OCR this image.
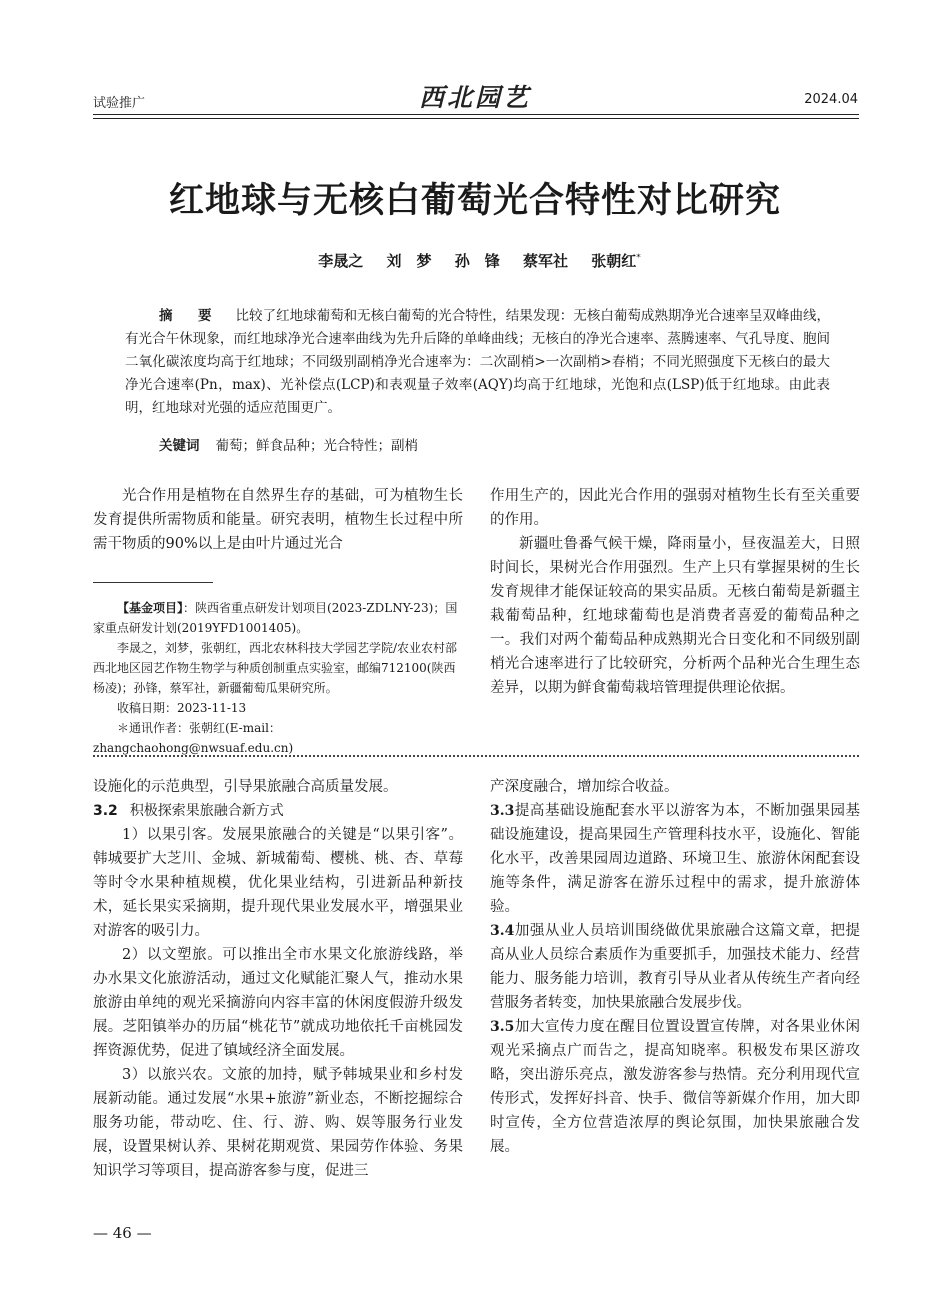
试验推广	西北园艺	2024.04
红地球与无核白葡萄光合特性对比研究
李晟之 刘　梦 孙　锋 蔡军社 张朝红*
摘　要 比较了红地球葡萄和无核白葡萄的光合特性，结果发现：无核白葡萄成熟期净光合速率呈双峰曲线，有光合午休现象，而红地球净光合速率曲线为先升后降的单峰曲线；无核白的净光合速率、蒸腾速率、气孔导度、胞间二氧化碳浓度均高于红地球；不同级别副梢净光合速率为：二次副梢>一次副梢>春梢；不同光照强度下无核白的最大净光合速率(Pn，max)、光补偿点(LCP)和表观量子效率(AQY)均高于红地球，光饱和点(LSP)低于红地球。由此表明，红地球对光强的适应范围更广。
关键词 葡萄；鲜食品种；光合特性；副梢

光合作用是植物在自然界生存的基础，可为植物生长发育提供所需物质和能量。研究表明，植物生长过程中所需干物质的90%以上是由叶片通过光合

【基金项目】：陕西省重点研发计划项目(2023-ZDLNY-23)；国家重点研发计划(2019YFD1001405)。

李晟之，刘梦，张朝红，西北农林科技大学园艺学院/农业农村部西北地区园艺作物生物学与种质创制重点实验室，邮编712100(陕西杨凌)；孙锋，蔡军社，新疆葡萄瓜果研究所。

收稿日期：2023-11-13

＊通讯作者：张朝红(E-mail：zhangchaohong@nwsuaf.edu.cn)

作用生产的，因此光合作用的强弱对植物生长有至关重要的作用。

新疆吐鲁番气候干燥，降雨量小，昼夜温差大，日照时间长，果树光合作用强烈。生产上只有掌握果树的生长发育规律才能保证较高的果实品质。无核白葡萄是新疆主栽葡萄品种，红地球葡萄也是消费者喜爱的葡萄品种之一。我们对两个葡萄品种成熟期光合日变化和不同级别副梢光合速率进行了比较研究，分析两个品种光合生理生态差异，以期为鲜食葡萄栽培管理提供理论依据。

设施化的示范典型，引导果旅融合高质量发展。

3.2 积极探索果旅融合新方式

1）以果引客。发展果旅融合的关键是“以果引客”。韩城要扩大芝川、金城、新城葡萄、樱桃、桃、杏、草莓等时令水果种植规模，优化果业结构，引进新品种新技术，延长果实采摘期，提升现代果业发展水平，增强果业对游客的吸引力。

2）以文塑旅。可以推出全市水果文化旅游线路，举办水果文化旅游活动，通过文化赋能汇聚人气，推动水果旅游由单纯的观光采摘游向内容丰富的休闲度假游升级发展。芝阳镇举办的历届“桃花节”就成功地依托千亩桃园发挥资源优势，促进了镇域经济全面发展。

3）以旅兴农。文旅的加持，赋予韩城果业和乡村发展新动能。通过发展“水果+旅游”新业态，不断挖掘综合服务功能，带动吃、住、行、游、购、娱等服务行业发展，设置果树认养、果树花期观赏、果园劳作体验、务果知识学习等项目，提高游客参与度，促进三

产深度融合，增加综合收益。

3.3提高基础设施配套水平以游客为本，不断加强果园基础设施建设，提高果园生产管理科技水平，设施化、智能化水平，改善果园周边道路、环境卫生、旅游休闲配套设施等条件，满足游客在游乐过程中的需求，提升旅游体验。

3.4加强从业人员培训围绕做优果旅融合这篇文章，把提高从业人员综合素质作为重要抓手，加强技术能力、经营能力、服务能力培训，教育引导从业者从传统生产者向经营服务者转变，加快果旅融合发展步伐。

3.5加大宣传力度在醒目位置设置宣传牌，对各果业休闲观光采摘点广而告之，提高知晓率。积极发布果区游攻略，突出游乐亮点，激发游客参与热情。充分利用现代宣传形式，发挥好抖音、快手、微信等新媒介作用，加大即时宣传，全方位营造浓厚的舆论氛围，加快果旅融合发展。

— 46 —
